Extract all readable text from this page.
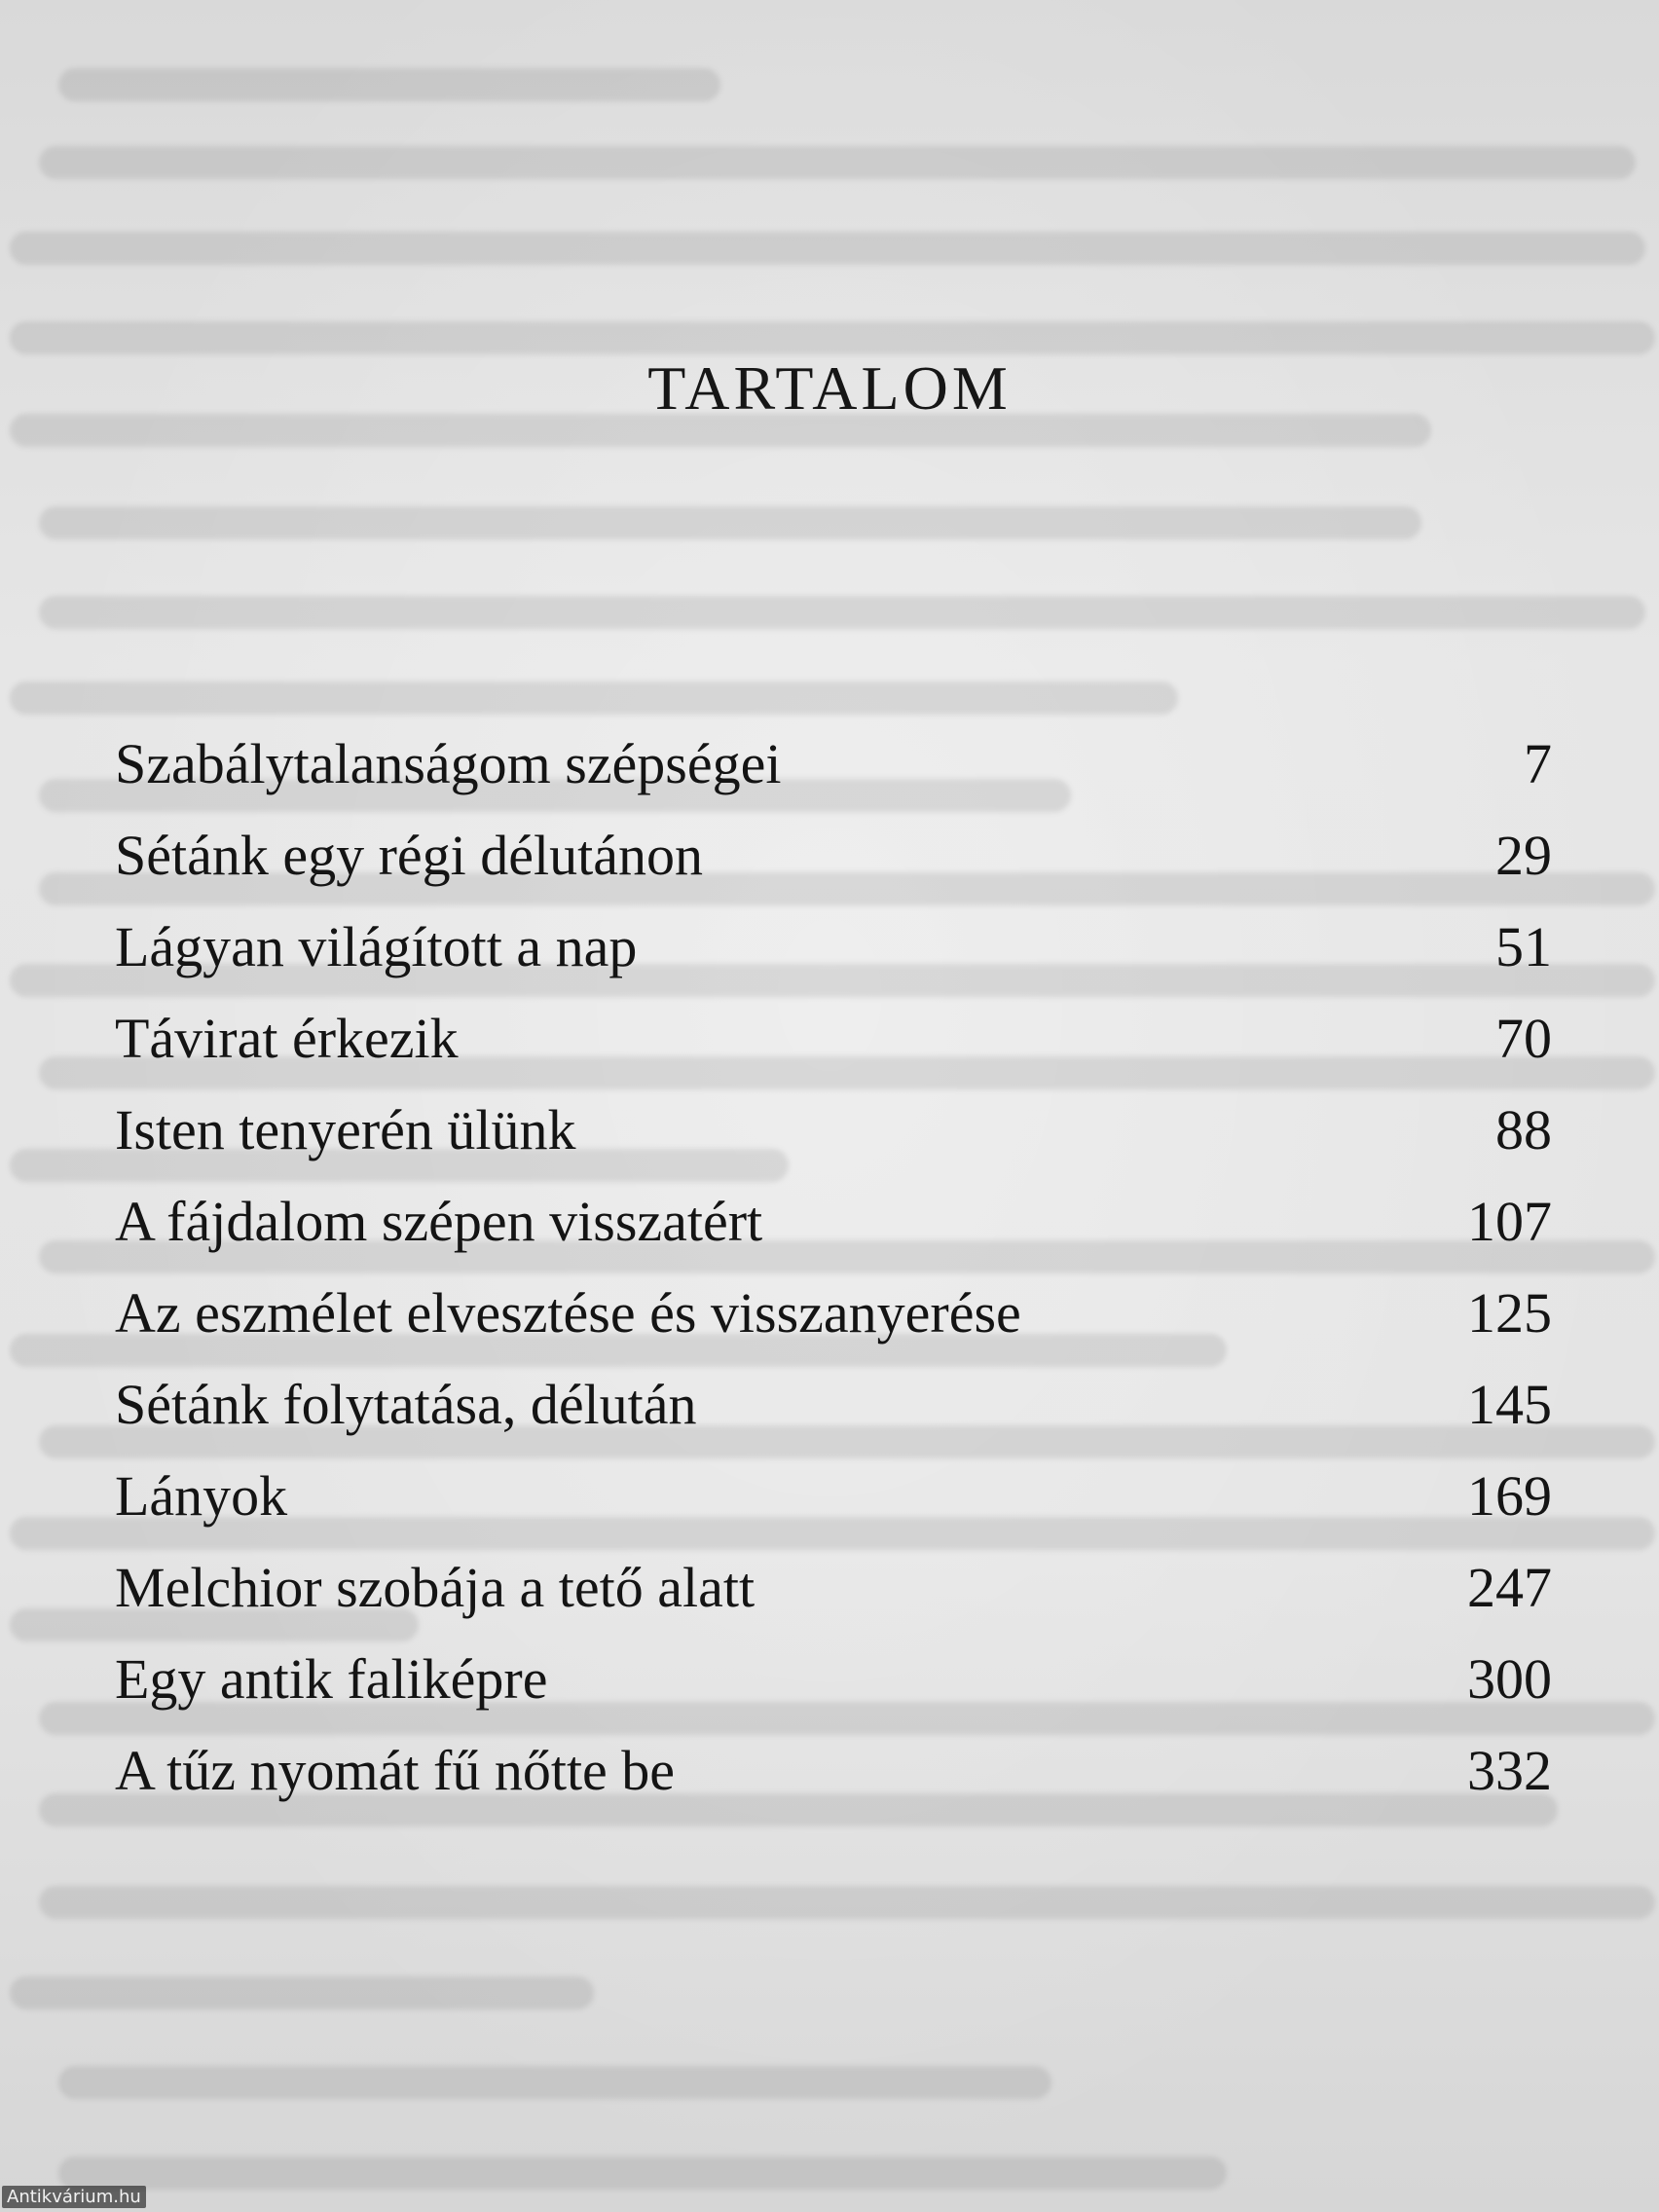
TARTALOM
Szabálytalanságom szépségei	7
Sétánk egy régi délutánon	29
Lágyan világított a nap	51
Távirat érkezik	70
Isten tenyerén ülünk	88
A fájdalom szépen visszatért	107
Az eszmélet elvesztése és visszanyerése	125
Sétánk folytatása, délután	145
Lányok	169
Melchior szobája a tető alatt	247
Egy antik faliképre	300
A tűz nyomát fű nőtte be	332
Antikvárium.hu
